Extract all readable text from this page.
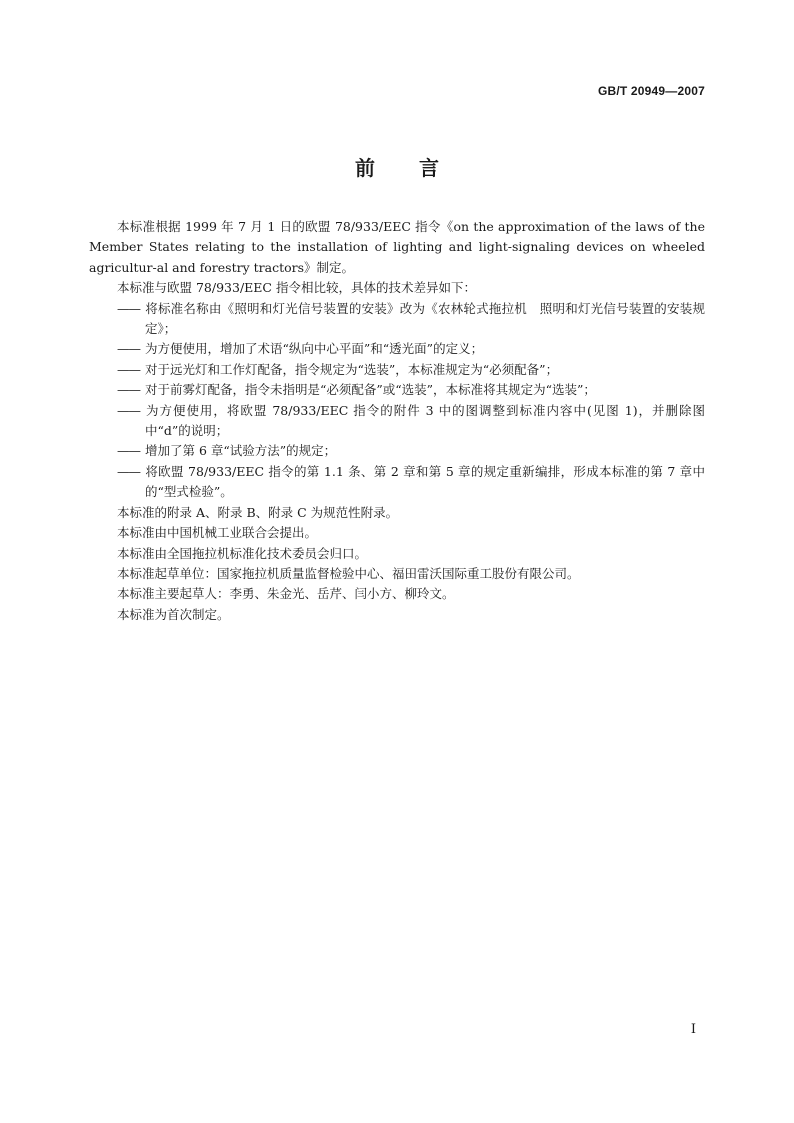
GB/T 20949—2007
前言

本标准根据 1999 年 7 月 1 日的欧盟 78/933/EEC 指令《on the approximation of the laws of the Member States relating to the installation of lighting and light-signaling devices on wheeled agricultur-al and forestry tractors》制定。

本标准与欧盟 78/933/EEC 指令相比较，具体的技术差异如下：

—— 将标准名称由《照明和灯光信号装置的安装》改为《农林轮式拖拉机　照明和灯光信号装置的安装规定》；

—— 为方便使用，增加了术语“纵向中心平面”和“透光面”的定义；

—— 对于远光灯和工作灯配备，指令规定为“选装”，本标准规定为“必须配备”；

—— 对于前雾灯配备，指令未指明是“必须配备”或“选装”，本标准将其规定为“选装”；

—— 为方便使用，将欧盟 78/933/EEC 指令的附件 3 中的图调整到标准内容中(见图 1)，并删除图中“d”的说明；

—— 增加了第 6 章“试验方法”的规定；

—— 将欧盟 78/933/EEC 指令的第 1.1 条、第 2 章和第 5 章的规定重新编排，形成本标准的第 7 章中的“型式检验”。

本标准的附录 A、附录 B、附录 C 为规范性附录。

本标准由中国机械工业联合会提出。

本标准由全国拖拉机标准化技术委员会归口。

本标准起草单位：国家拖拉机质量监督检验中心、福田雷沃国际重工股份有限公司。

本标准主要起草人：李勇、朱金光、岳芹、闫小方、柳玲文。

本标准为首次制定。

I
